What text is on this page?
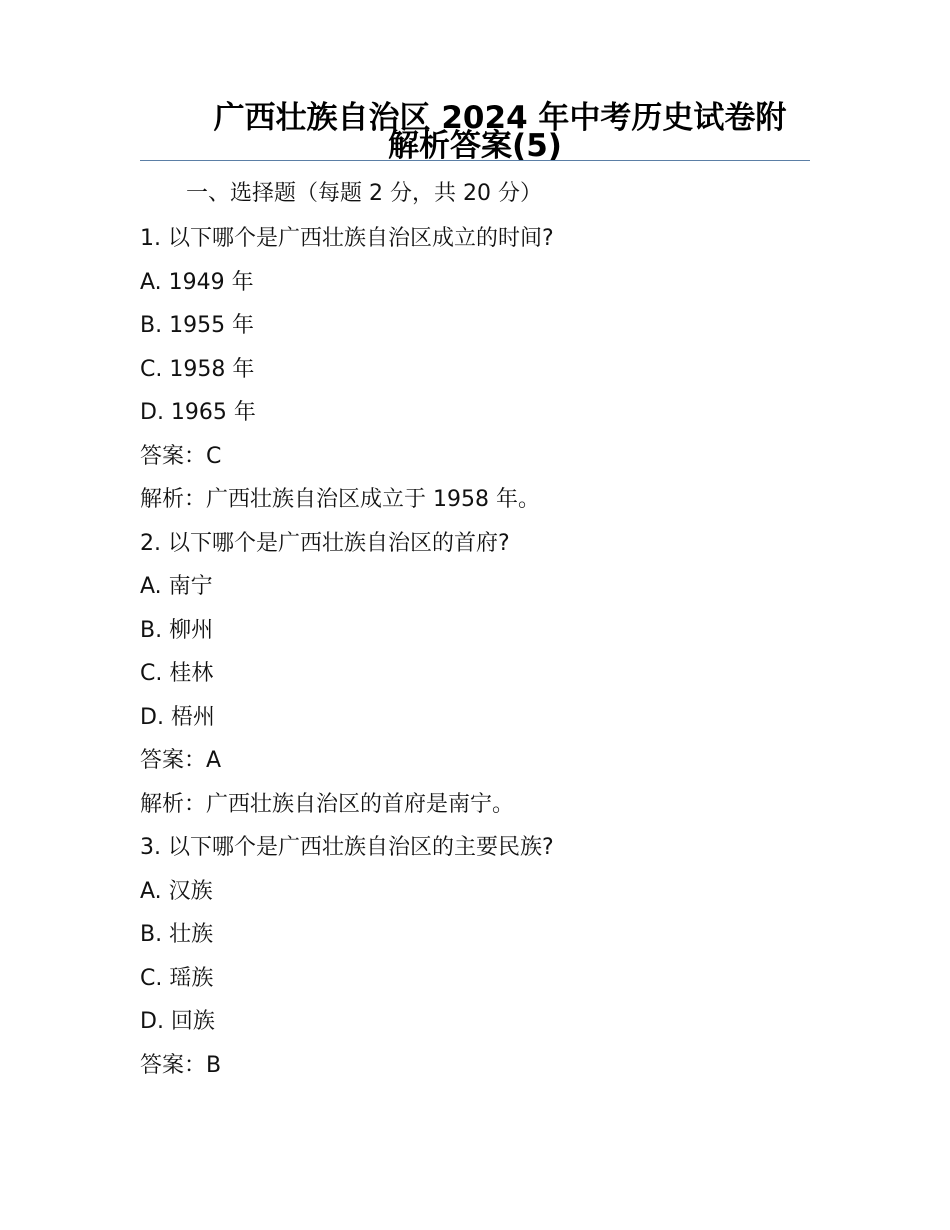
广西壮族自治区 2024 年中考历史试卷附
解析答案(5)
一、选择题（每题 2 分，共 20 分）
1. 以下哪个是广西壮族自治区成立的时间?
A. 1949 年
B. 1955 年
C. 1958 年
D. 1965 年
答案：C
解析：广西壮族自治区成立于 1958 年。
2. 以下哪个是广西壮族自治区的首府?
A. 南宁
B. 柳州
C. 桂林
D. 梧州
答案：A
解析：广西壮族自治区的首府是南宁。
3. 以下哪个是广西壮族自治区的主要民族?
A. 汉族
B. 壮族
C. 瑶族
D. 回族
答案：B
